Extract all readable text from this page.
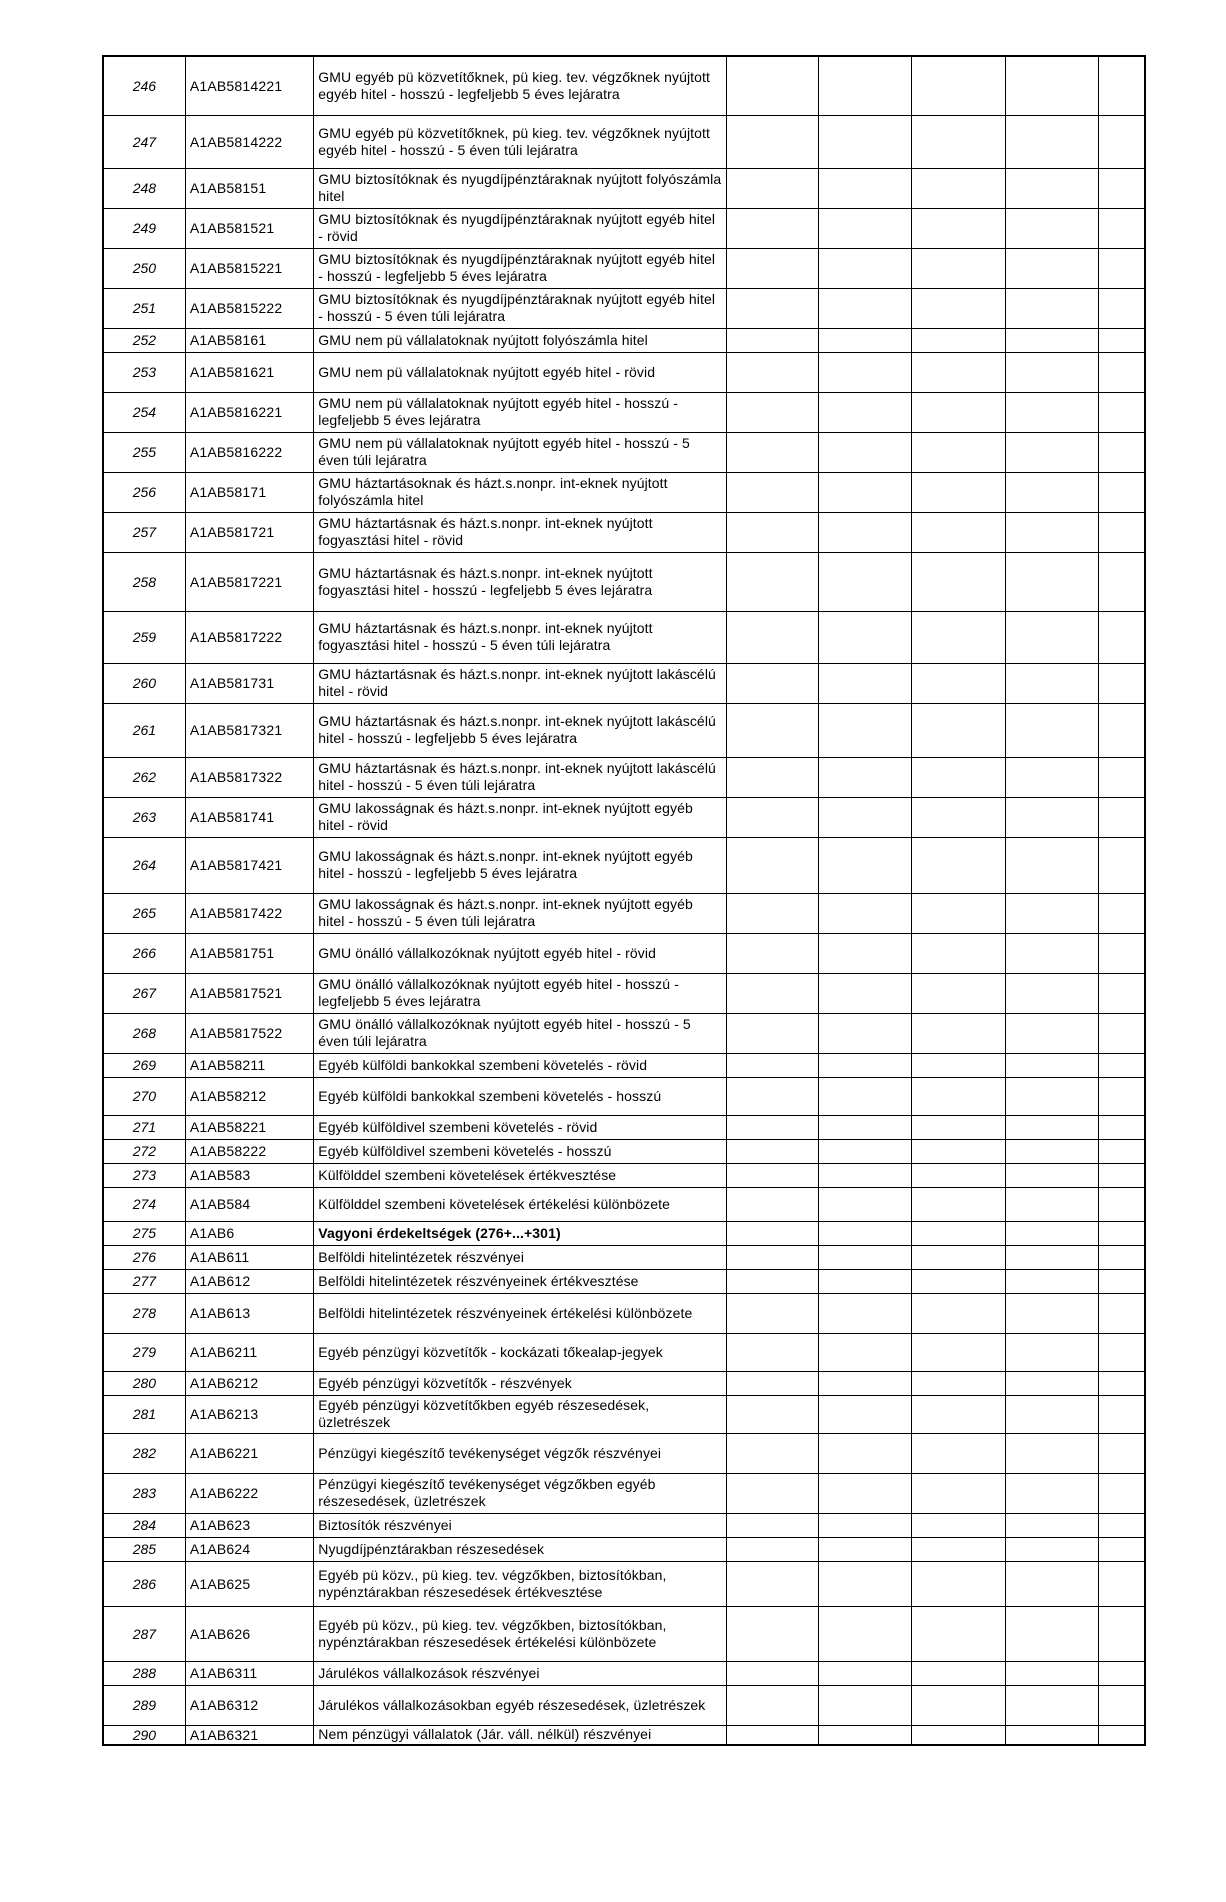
246	A1AB5814221	GMU egyéb pü közvetítőknek, pü kieg. tev. végzőknek nyújtott egyéb hitel - hosszú - legfeljebb 5 éves lejáratra					
247	A1AB5814222	GMU egyéb pü közvetítőknek, pü kieg. tev. végzőknek nyújtott egyéb hitel - hosszú - 5 éven túli lejáratra					
248	A1AB58151	GMU biztosítóknak és nyugdíjpénztáraknak nyújtott folyószámla hitel					
249	A1AB581521	GMU biztosítóknak és nyugdíjpénztáraknak nyújtott egyéb hitel - rövid					
250	A1AB5815221	GMU biztosítóknak és nyugdíjpénztáraknak nyújtott egyéb hitel - hosszú - legfeljebb 5 éves lejáratra					
251	A1AB5815222	GMU biztosítóknak és nyugdíjpénztáraknak nyújtott egyéb hitel - hosszú - 5 éven túli lejáratra					
252	A1AB58161	GMU nem pü vállalatoknak nyújtott folyószámla hitel					
253	A1AB581621	GMU nem pü vállalatoknak nyújtott egyéb hitel - rövid					
254	A1AB5816221	GMU nem pü vállalatoknak nyújtott egyéb hitel - hosszú - legfeljebb 5 éves lejáratra					
255	A1AB5816222	GMU nem pü vállalatoknak nyújtott egyéb hitel - hosszú - 5 éven túli lejáratra					
256	A1AB58171	GMU háztartásoknak és házt.s.nonpr. int-eknek nyújtott folyószámla hitel					
257	A1AB581721	GMU háztartásnak és házt.s.nonpr. int-eknek nyújtott fogyasztási hitel - rövid					
258	A1AB5817221	GMU háztartásnak és házt.s.nonpr. int-eknek nyújtott fogyasztási hitel - hosszú - legfeljebb 5 éves lejáratra					
259	A1AB5817222	GMU háztartásnak és házt.s.nonpr. int-eknek nyújtott fogyasztási hitel - hosszú - 5 éven túli lejáratra					
260	A1AB581731	GMU háztartásnak és házt.s.nonpr. int-eknek nyújtott lakáscélú hitel - rövid					
261	A1AB5817321	GMU háztartásnak és házt.s.nonpr. int-eknek nyújtott lakáscélú hitel - hosszú - legfeljebb 5 éves lejáratra					
262	A1AB5817322	GMU háztartásnak és házt.s.nonpr. int-eknek nyújtott lakáscélú hitel - hosszú - 5 éven túli lejáratra					
263	A1AB581741	GMU lakosságnak és házt.s.nonpr. int-eknek nyújtott egyéb hitel - rövid					
264	A1AB5817421	GMU lakosságnak és házt.s.nonpr. int-eknek nyújtott egyéb hitel - hosszú - legfeljebb 5 éves lejáratra					
265	A1AB5817422	GMU lakosságnak és házt.s.nonpr. int-eknek nyújtott egyéb hitel - hosszú - 5 éven túli lejáratra					
266	A1AB581751	GMU önálló vállalkozóknak nyújtott egyéb hitel - rövid					
267	A1AB5817521	GMU önálló vállalkozóknak nyújtott egyéb hitel - hosszú - legfeljebb 5 éves lejáratra					
268	A1AB5817522	GMU önálló vállalkozóknak nyújtott egyéb hitel - hosszú - 5 éven túli lejáratra					
269	A1AB58211	Egyéb külföldi bankokkal szembeni követelés - rövid					
270	A1AB58212	Egyéb külföldi bankokkal szembeni követelés - hosszú					
271	A1AB58221	Egyéb külföldivel szembeni követelés - rövid					
272	A1AB58222	Egyéb külföldivel szembeni követelés - hosszú					
273	A1AB583	Külfölddel szembeni követelések értékvesztése					
274	A1AB584	Külfölddel szembeni követelések értékelési különbözete					
275	A1AB6	Vagyoni érdekeltségek (276+...+301)					
276	A1AB611	Belföldi hitelintézetek részvényei					
277	A1AB612	Belföldi hitelintézetek részvényeinek értékvesztése					
278	A1AB613	Belföldi hitelintézetek részvényeinek értékelési különbözete					
279	A1AB6211	Egyéb pénzügyi közvetítők - kockázati tőkealap-jegyek					
280	A1AB6212	Egyéb pénzügyi közvetítők - részvények					
281	A1AB6213	Egyéb pénzügyi közvetítőkben egyéb részesedések, üzletrészek					
282	A1AB6221	Pénzügyi kiegészítő tevékenységet végzők részvényei					
283	A1AB6222	Pénzügyi kiegészítő tevékenységet végzőkben egyéb részesedések, üzletrészek					
284	A1AB623	Biztosítók részvényei					
285	A1AB624	Nyugdíjpénztárakban részesedések					
286	A1AB625	Egyéb pü közv., pü kieg. tev. végzőkben, biztosítókban, nypénztárakban részesedések értékvesztése					
287	A1AB626	Egyéb pü közv., pü kieg. tev. végzőkben, biztosítókban, nypénztárakban részesedések értékelési különbözete					
288	A1AB6311	Járulékos vállalkozások részvényei					
289	A1AB6312	Járulékos vállalkozásokban egyéb részesedések, üzletrészek					
290	A1AB6321	Nem pénzügyi vállalatok (Jár. váll. nélkül) részvényei					
